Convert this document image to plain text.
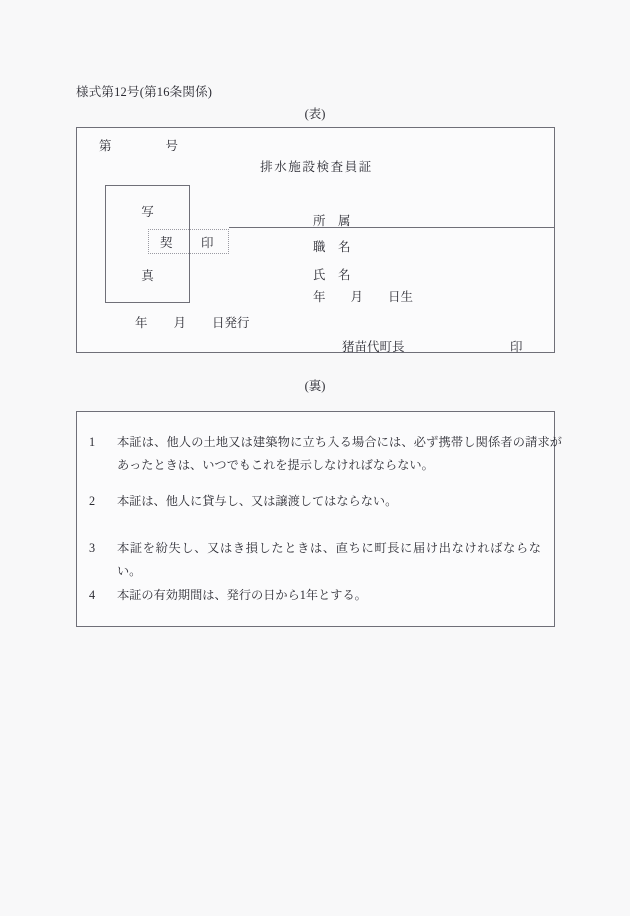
様式第12号(第16条関係)
(表)
第	号
排水施設検査員証
写
真
契 印
所　属
職　名
氏　名
年 月 日生
年 月 日発行
猪苗代町長	印
(裏)
1	本証は、他人の土地又は建築物に立ち入る場合には、必ず携帯し関係者の請求があったときは、いつでもこれを提示しなければならない。
2	本証は、他人に貸与し、又は譲渡してはならない。
3	本証を紛失し、又はき損したときは、直ちに町長に届け出なければならない。
4	本証の有効期間は、発行の日から1年とする。
